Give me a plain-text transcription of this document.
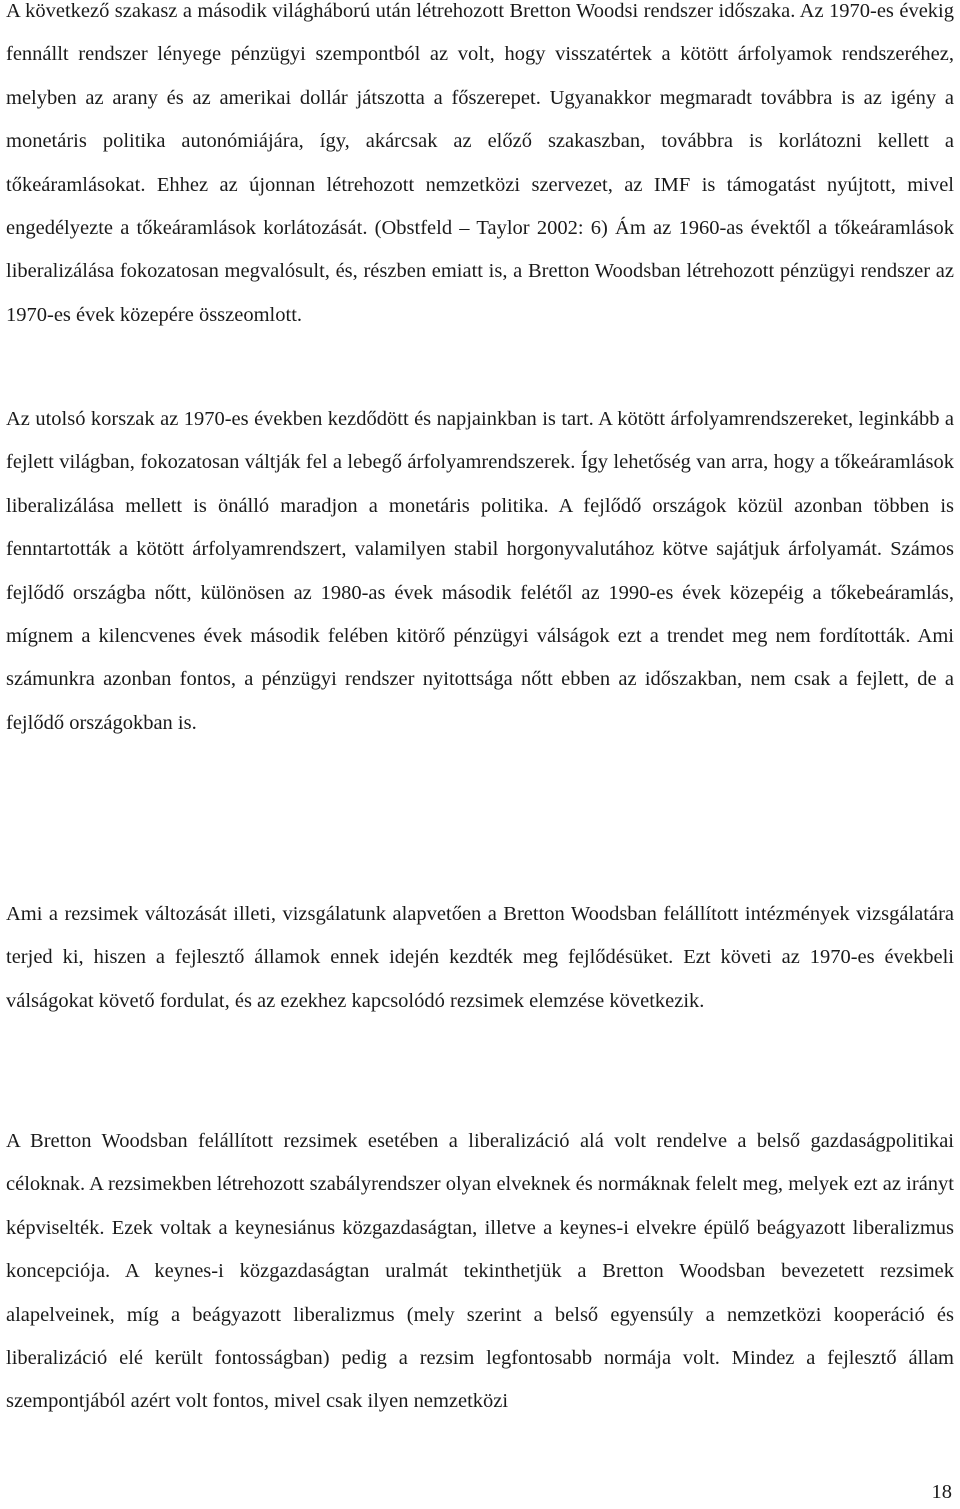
A következő szakasz a második világháború után létrehozott Bretton Woodsi rendszer időszaka. Az 1970-es évekig fennállt rendszer lényege pénzügyi szempontból az volt, hogy visszatértek a kötött árfolyamok rendszeréhez, melyben az arany és az amerikai dollár játszotta a főszerepet. Ugyanakkor megmaradt továbbra is az igény a monetáris politika autonómiájára, így, akárcsak az előző szakaszban, továbbra is korlátozni kellett a tőkeáramlásokat. Ehhez az újonnan létrehozott nemzetközi szervezet, az IMF is támogatást nyújtott, mivel engedélyezte a tőkeáramlások korlátozását. (Obstfeld – Taylor 2002: 6) Ám az 1960-as évektől a tőkeáramlások liberalizálása fokozatosan megvalósult, és, részben emiatt is, a Bretton Woodsban létrehozott pénzügyi rendszer az 1970-es évek közepére összeomlott.

Az utolsó korszak az 1970-es években kezdődött és napjainkban is tart. A kötött árfolyamrendszereket, leginkább a fejlett világban, fokozatosan váltják fel a lebegő árfolyamrendszerek. Így lehetőség van arra, hogy a tőkeáramlások liberalizálása mellett is önálló maradjon a monetáris politika. A fejlődő országok közül azonban többen is fenntartották a kötött árfolyamrendszert, valamilyen stabil horgonyvalutához kötve sajátjuk árfolyamát. Számos fejlődő országba nőtt, különösen az 1980-as évek második felétől az 1990-es évek közepéig a tőkebeáramlás, mígnem a kilencvenes évek második felében kitörő pénzügyi válságok ezt a trendet meg nem fordították. Ami számunkra azonban fontos, a pénzügyi rendszer nyitottsága nőtt ebben az időszakban, nem csak a fejlett, de a fejlődő országokban is.

Ami a rezsimek változását illeti, vizsgálatunk alapvetően a Bretton Woodsban felállított intézmények vizsgálatára terjed ki, hiszen a fejlesztő államok ennek idején kezdték meg fejlődésüket. Ezt követi az 1970-es évekbeli válságokat követő fordulat, és az ezekhez kapcsolódó rezsimek elemzése következik.

A Bretton Woodsban felállított rezsimek esetében a liberalizáció alá volt rendelve a belső gazdaságpolitikai céloknak. A rezsimekben létrehozott szabályrendszer olyan elveknek és normáknak felelt meg, melyek ezt az irányt képviselték. Ezek voltak a keynesiánus közgazdaságtan, illetve a keynes-i elvekre épülő beágyazott liberalizmus koncepciója. A keynes-i közgazdaságtan uralmát tekinthetjük a Bretton Woodsban bevezetett rezsimek alapelveinek, míg a beágyazott liberalizmus (mely szerint a belső egyensúly a nemzetközi kooperáció és liberalizáció elé került fontosságban) pedig a rezsim legfontosabb normája volt. Mindez a fejlesztő állam szempontjából azért volt fontos, mivel csak ilyen nemzetközi

18
